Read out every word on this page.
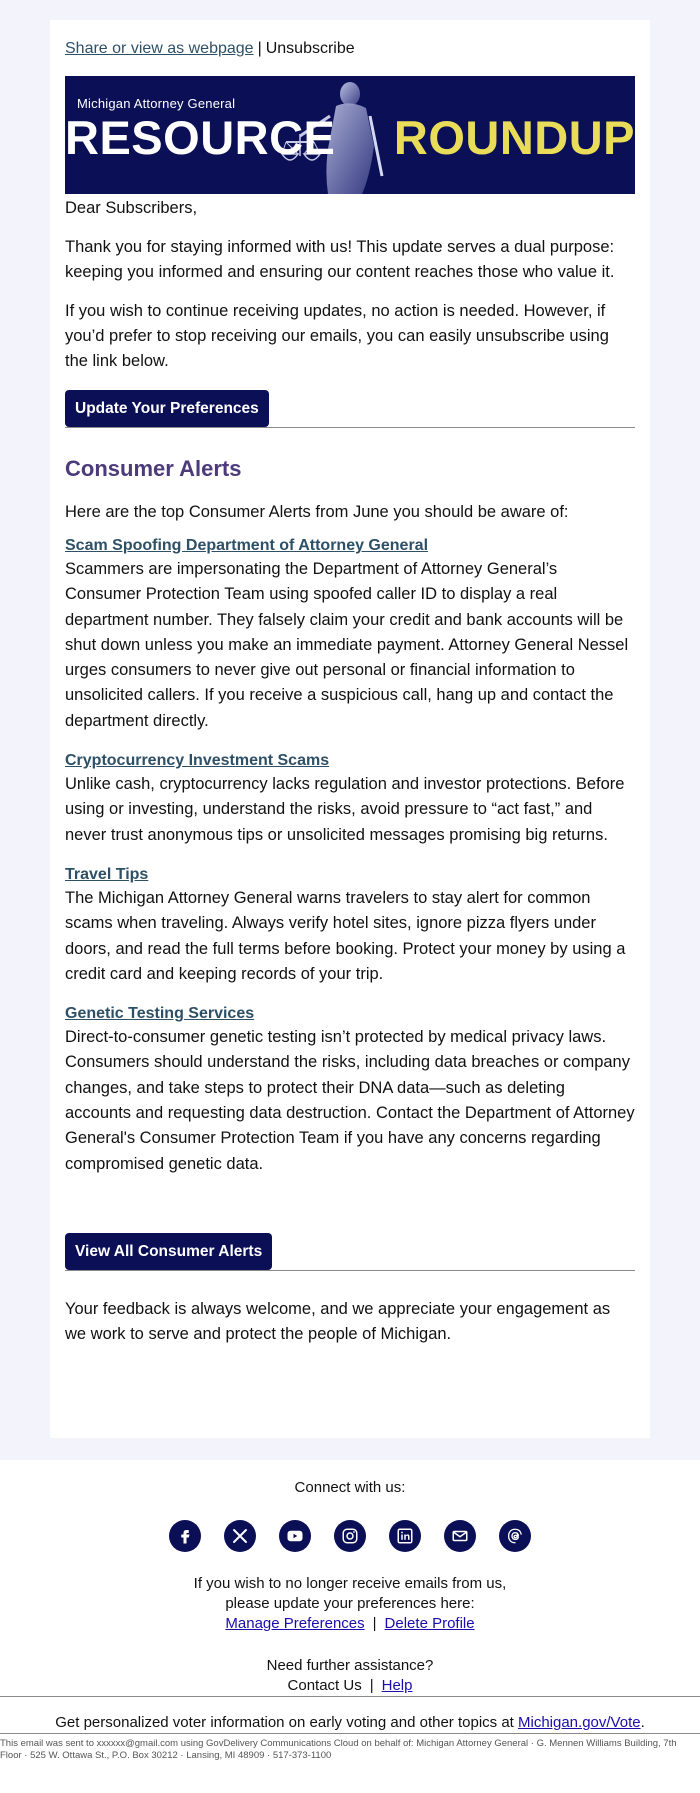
Share or view as webpage | Unsubscribe
Michigan Attorney General
RESOURCE ROUNDUP

Dear Subscribers,

Thank you for staying informed with us! This update serves a dual purpose: keeping you informed and ensuring our content reaches those who value it.

If you wish to continue receiving updates, no action is needed. However, if you’d prefer to stop receiving our emails, you can easily unsubscribe using the link below.

Update Your Preferences
Consumer Alerts

Here are the top Consumer Alerts from June you should be aware of:

Scam Spoofing Department of Attorney General

Scammers are impersonating the Department of Attorney General’s Consumer Protection Team using spoofed caller ID to display a real department number. They falsely claim your credit and bank accounts will be shut down unless you make an immediate payment. Attorney General Nessel urges consumers to never give out personal or financial information to unsolicited callers. If you receive a suspicious call, hang up and contact the department directly.

Cryptocurrency Investment Scams

Unlike cash, cryptocurrency lacks regulation and investor protections. Before using or investing, understand the risks, avoid pressure to “act fast,” and never trust anonymous tips or unsolicited messages promising big returns.

Travel Tips

The Michigan Attorney General warns travelers to stay alert for common scams when traveling. Always verify hotel sites, ignore pizza flyers under doors, and read the full terms before booking. Protect your money by using a credit card and keeping records of your trip.

Genetic Testing Services

Direct-to-consumer genetic testing isn’t protected by medical privacy laws. Consumers should understand the risks, including data breaches or company changes, and take steps to protect their DNA data—such as deleting accounts and requesting data destruction. Contact the Department of Attorney General's Consumer Protection Team if you have any concerns regarding compromised genetic data.

View All Consumer Alerts

Your feedback is always welcome, and we appreciate your engagement as we work to serve and protect the people of Michigan.

Connect with us:
If you wish to no longer receive emails from us,
please update your preferences here:
Manage Preferences | Delete Profile
Need further assistance?
Contact Us | Help
Get personalized voter information on early voting and other topics at Michigan.gov/Vote.
This email was sent to xxxxxx@gmail.com using GovDelivery Communications Cloud on behalf of: Michigan Attorney General · G. Mennen Williams Building, 7th Floor · 525 W. Ottawa St., P.O. Box 30212 · Lansing, MI 48909 · 517-373-1100
